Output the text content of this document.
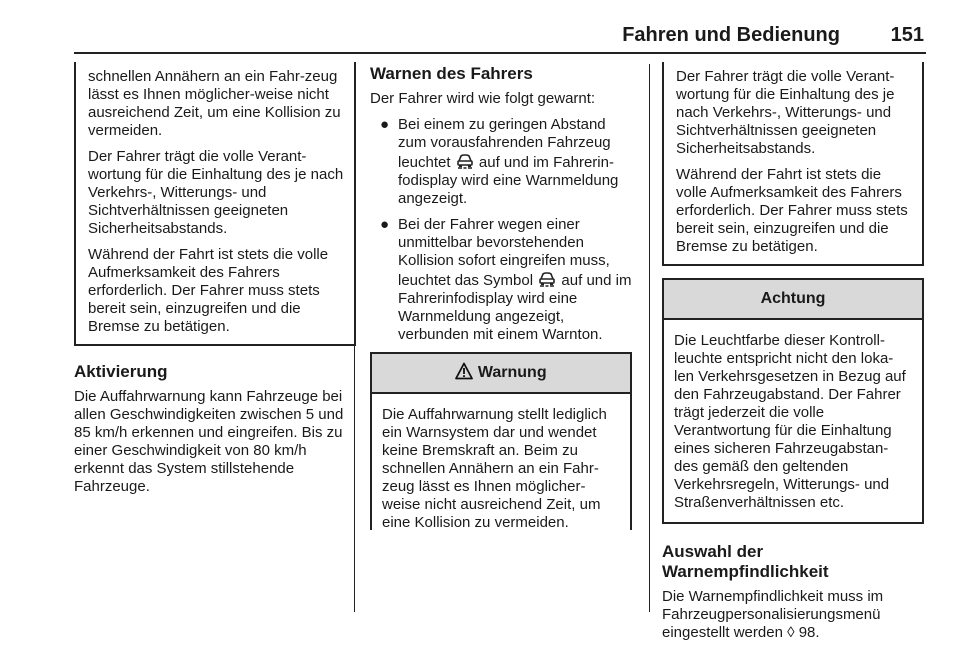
Fahren und Bedienung	151

schnellen Annähern an ein Fahr-zeug lässt es Ihnen möglicher-weise nicht ausreichend Zeit, um eine Kollision zu vermeiden.

Der Fahrer trägt die volle Verant-wortung für die Einhaltung des je nach Verkehrs-, Witterungs- und Sichtverhältnissen geeigneten Sicherheitsabstands.

Während der Fahrt ist stets die volle Aufmerksamkeit des Fahrers erforderlich. Der Fahrer muss stets bereit sein, einzugreifen und die Bremse zu betätigen.

Aktivierung

Die Auffahrwarnung kann Fahrzeuge bei allen Geschwindigkeiten zwischen 5 und 85 km/h erkennen und eingreifen. Bis zu einer Geschwindigkeit von 80 km/h erkennt das System stillstehende Fahrzeuge.

Warnen des Fahrers

Der Fahrer wird wie folgt gewarnt:

● Bei einem zu geringen Abstand zum vorausfahrenden Fahrzeug leuchtet auf und im Fahrerin-fodisplay wird eine Warnmeldung angezeigt.
● Bei der Fahrer wegen einer unmittelbar bevorstehenden Kollision sofort eingreifen muss, leuchtet das Symbol auf und im Fahrerinfodisplay wird eine Warnmeldung angezeigt, verbunden mit einem Warnton.
Warnung

Die Auffahrwarnung stellt lediglich ein Warnsystem dar und wendet keine Bremskraft an. Beim zu schnellen Annähern an ein Fahr-zeug lässt es Ihnen möglicher-weise nicht ausreichend Zeit, um eine Kollision zu vermeiden.

Der Fahrer trägt die volle Verant-wortung für die Einhaltung des je nach Verkehrs-, Witterungs- und Sichtverhältnissen geeigneten Sicherheitsabstands.

Während der Fahrt ist stets die volle Aufmerksamkeit des Fahrers erforderlich. Der Fahrer muss stets bereit sein, einzugreifen und die Bremse zu betätigen.

Achtung

Die Leuchtfarbe dieser Kontroll-leuchte entspricht nicht den loka-len Verkehrsgesetzen in Bezug auf den Fahrzeugabstand. Der Fahrer trägt jederzeit die volle Verantwortung für die Einhaltung eines sicheren Fahrzeugabstan-des gemäß den geltenden Verkehrsregeln, Witterungs- und Straßenverhältnissen etc.

Auswahl der Warnempfindlichkeit

Die Warnempfindlichkeit muss im Fahrzeugpersonalisierungsmenü eingestellt werden ◊ 98.
